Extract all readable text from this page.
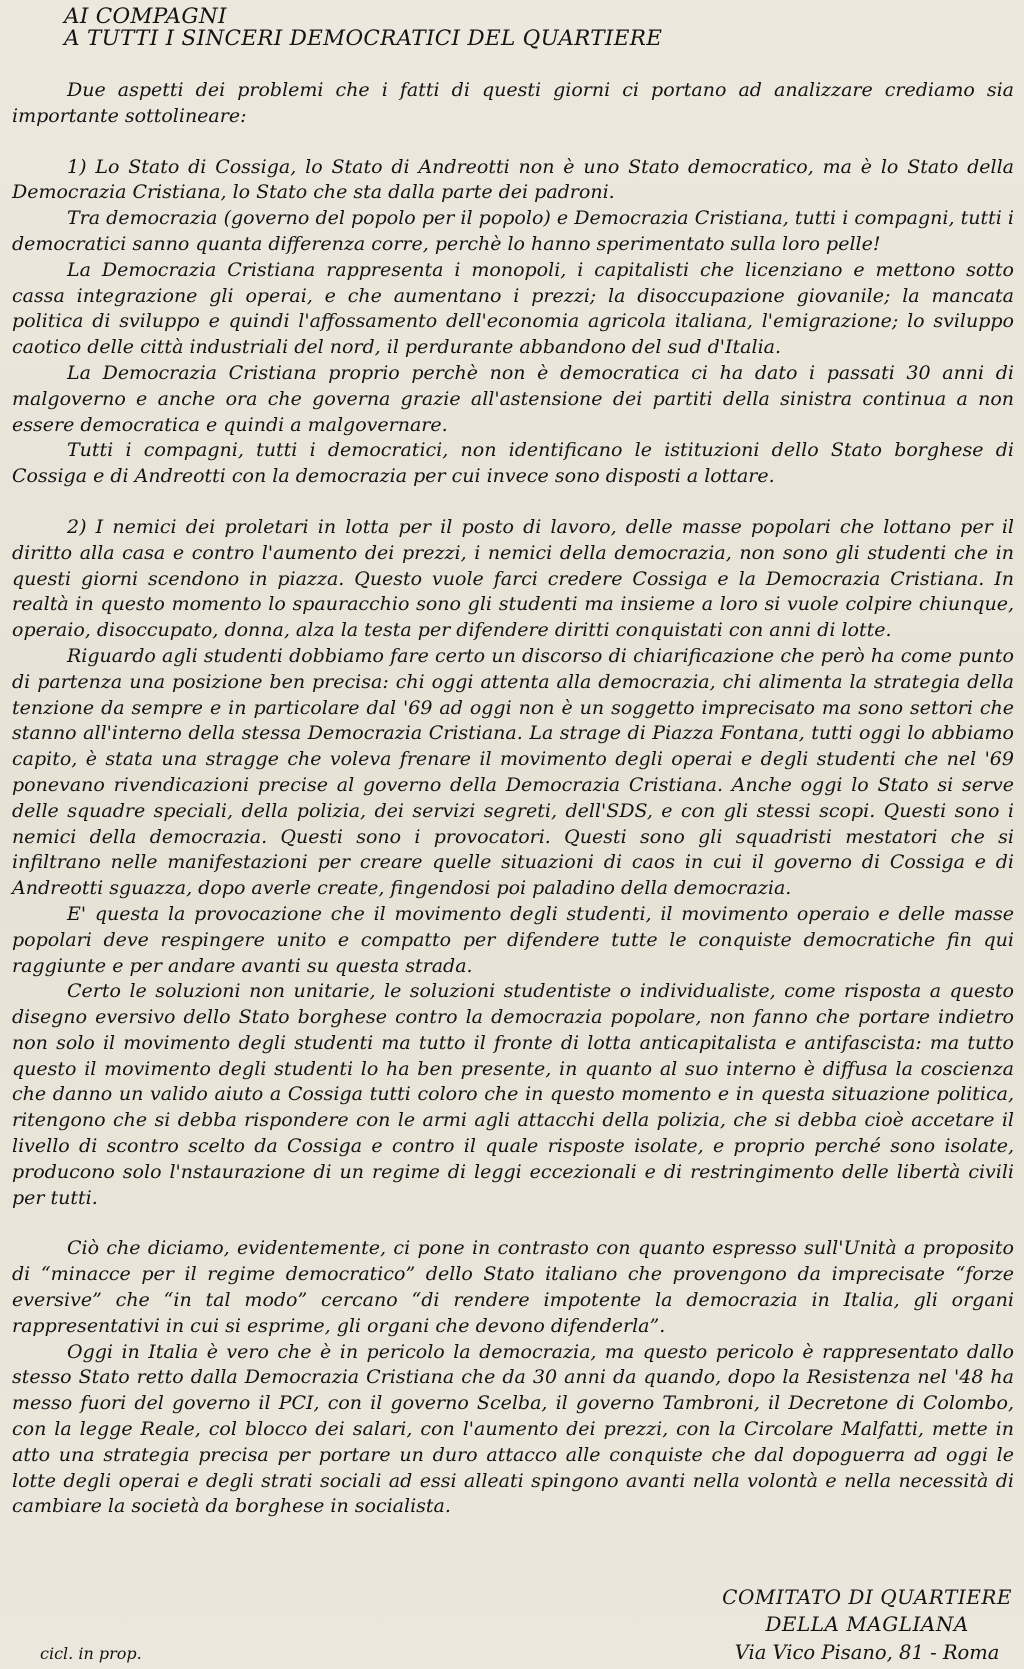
AI COMPAGNI
A TUTTI I SINCERI DEMOCRATICI DEL QUARTIERE

Due aspetti dei problemi che i fatti di questi giorni ci portano ad analizzare crediamo sia importante sottolineare:

1) Lo Stato di Cossiga, lo Stato di Andreotti non è uno Stato democratico, ma è lo Stato della Democrazia Cristiana, lo Stato che sta dalla parte dei padroni.

Tra democrazia (governo del popolo per il popolo) e Democrazia Cristiana, tutti i compagni, tutti i democratici sanno quanta differenza corre, perchè lo hanno sperimentato sulla loro pelle!

La Democrazia Cristiana rappresenta i monopoli, i capitalisti che licenziano e mettono sotto cassa integrazione gli operai, e che aumentano i prezzi; la disoccupazione giovanile; la mancata politica di sviluppo e quindi l'affossamento dell'economia agricola italiana, l'emigrazione; lo sviluppo caotico delle città industriali del nord, il perdurante abbandono del sud d'Italia.

La Democrazia Cristiana proprio perchè non è democratica ci ha dato i passati 30 anni di malgoverno e anche ora che governa grazie all'astensione dei partiti della sinistra continua a non essere democratica e quindi a malgovernare.

Tutti i compagni, tutti i democratici, non identificano le istituzioni dello Stato borghese di Cossiga e di Andreotti con la democrazia per cui invece sono disposti a lottare.

2) I nemici dei proletari in lotta per il posto di lavoro, delle masse popolari che lottano per il diritto alla casa e contro l'aumento dei prezzi, i nemici della democrazia, non sono gli studenti che in questi giorni scendono in piazza. Questo vuole farci credere Cossiga e la Democrazia Cristiana. In realtà in questo momento lo spauracchio sono gli studenti ma insieme a loro si vuole colpire chiunque, operaio, disoccupato, donna, alza la testa per difendere diritti conquistati con anni di lotte.

Riguardo agli studenti dobbiamo fare certo un discorso di chiarificazione che però ha come punto di partenza una posizione ben precisa: chi oggi attenta alla democrazia, chi alimenta la strategia della tenzione da sempre e in particolare dal '69 ad oggi non è un soggetto imprecisato ma sono settori che stanno all'interno della stessa Democrazia Cristiana. La strage di Piazza Fontana, tutti oggi lo abbiamo capito, è stata una stragge che voleva frenare il movimento degli operai e degli studenti che nel '69 ponevano rivendicazioni precise al governo della Democrazia Cristiana. Anche oggi lo Stato si serve delle squadre speciali, della polizia, dei servizi segreti, dell'SDS, e con gli stessi scopi. Questi sono i nemici della democrazia. Questi sono i provocatori. Questi sono gli squadristi mestatori che si infiltrano nelle manifestazioni per creare quelle situazioni di caos in cui il governo di Cossiga e di Andreotti sguazza, dopo averle create, fingendosi poi paladino della democrazia.

E' questa la provocazione che il movimento degli studenti, il movimento operaio e delle masse popolari deve respingere unito e compatto per difendere tutte le conquiste democratiche fin qui raggiunte e per andare avanti su questa strada.

Certo le soluzioni non unitarie, le soluzioni studentiste o individualiste, come risposta a questo disegno eversivo dello Stato borghese contro la democrazia popolare, non fanno che portare indietro non solo il movimento degli studenti ma tutto il fronte di lotta anticapitalista e antifascista: ma tutto questo il movimento degli studenti lo ha ben presente, in quanto al suo interno è diffusa la coscienza che danno un valido aiuto a Cossiga tutti coloro che in questo momento e in questa situazione politica, ritengono che si debba rispondere con le armi agli attacchi della polizia, che si debba cioè accetare il livello di scontro scelto da Cossiga e contro il quale risposte isolate, e proprio perché sono isolate, producono solo l'nstaurazione di un regime di leggi eccezionali e di restringimento delle libertà civili per tutti.

Ciò che diciamo, evidentemente, ci pone in contrasto con quanto espresso sull'Unità a proposito di “minacce per il regime democratico” dello Stato italiano che provengono da imprecisate “forze eversive” che “in tal modo” cercano “di rendere impotente la democrazia in Italia, gli organi rappresentativi in cui si esprime, gli organi che devono difenderla”.

Oggi in Italia è vero che è in pericolo la democrazia, ma questo pericolo è rappresentato dallo stesso Stato retto dalla Democrazia Cristiana che da 30 anni da quando, dopo la Resistenza nel '48 ha messo fuori del governo il PCI, con il governo Scelba, il governo Tambroni, il Decretone di Colombo, con la legge Reale, col blocco dei salari, con l'aumento dei prezzi, con la Circolare Malfatti, mette in atto una strategia precisa per portare un duro attacco alle conquiste che dal dopoguerra ad oggi le lotte degli operai e degli strati sociali ad essi alleati spingono avanti nella volontà e nella necessità di cambiare la società da borghese in socialista.

COMITATO DI QUARTIERE
DELLA MAGLIANA
Via Vico Pisano, 81 - Roma
cicl. in prop.
